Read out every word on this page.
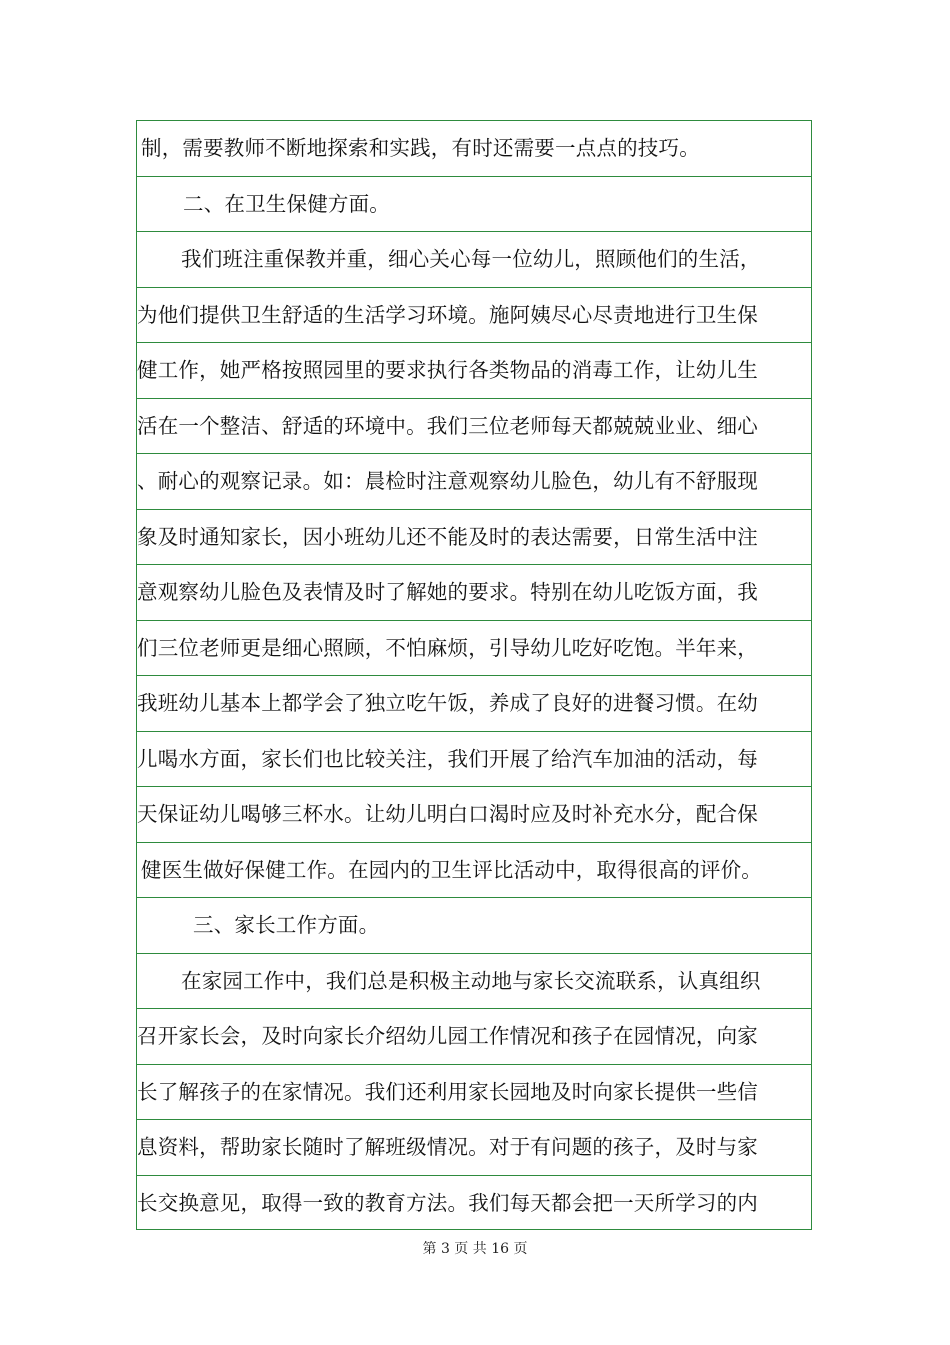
制，需要教师不断地探索和实践，有时还需要一点点的技巧。
二、在卫生保健方面。
我们班注重保教并重，细心关心每一位幼儿，照顾他们的生活，
为他们提供卫生舒适的生活学习环境。施阿姨尽心尽责地进行卫生保
健工作，她严格按照园里的要求执行各类物品的消毒工作，让幼儿生
活在一个整洁、舒适的环境中。我们三位老师每天都兢兢业业、细心
、耐心的观察记录。如：晨检时注意观察幼儿脸色，幼儿有不舒服现
象及时通知家长，因小班幼儿还不能及时的表达需要，日常生活中注
意观察幼儿脸色及表情及时了解她的要求。特别在幼儿吃饭方面，我
们三位老师更是细心照顾，不怕麻烦，引导幼儿吃好吃饱。半年来，
我班幼儿基本上都学会了独立吃午饭，养成了良好的进餐习惯。在幼
儿喝水方面，家长们也比较关注，我们开展了给汽车加油的活动，每
天保证幼儿喝够三杯水。让幼儿明白口渴时应及时补充水分，配合保
健医生做好保健工作。在园内的卫生评比活动中，取得很高的评价。
三、家长工作方面。
在家园工作中，我们总是积极主动地与家长交流联系，认真组织
召开家长会，及时向家长介绍幼儿园工作情况和孩子在园情况，向家
长了解孩子的在家情况。我们还利用家长园地及时向家长提供一些信
息资料，帮助家长随时了解班级情况。对于有问题的孩子，及时与家
长交换意见，取得一致的教育方法。我们每天都会把一天所学习的内
第 3 页 共 16 页
